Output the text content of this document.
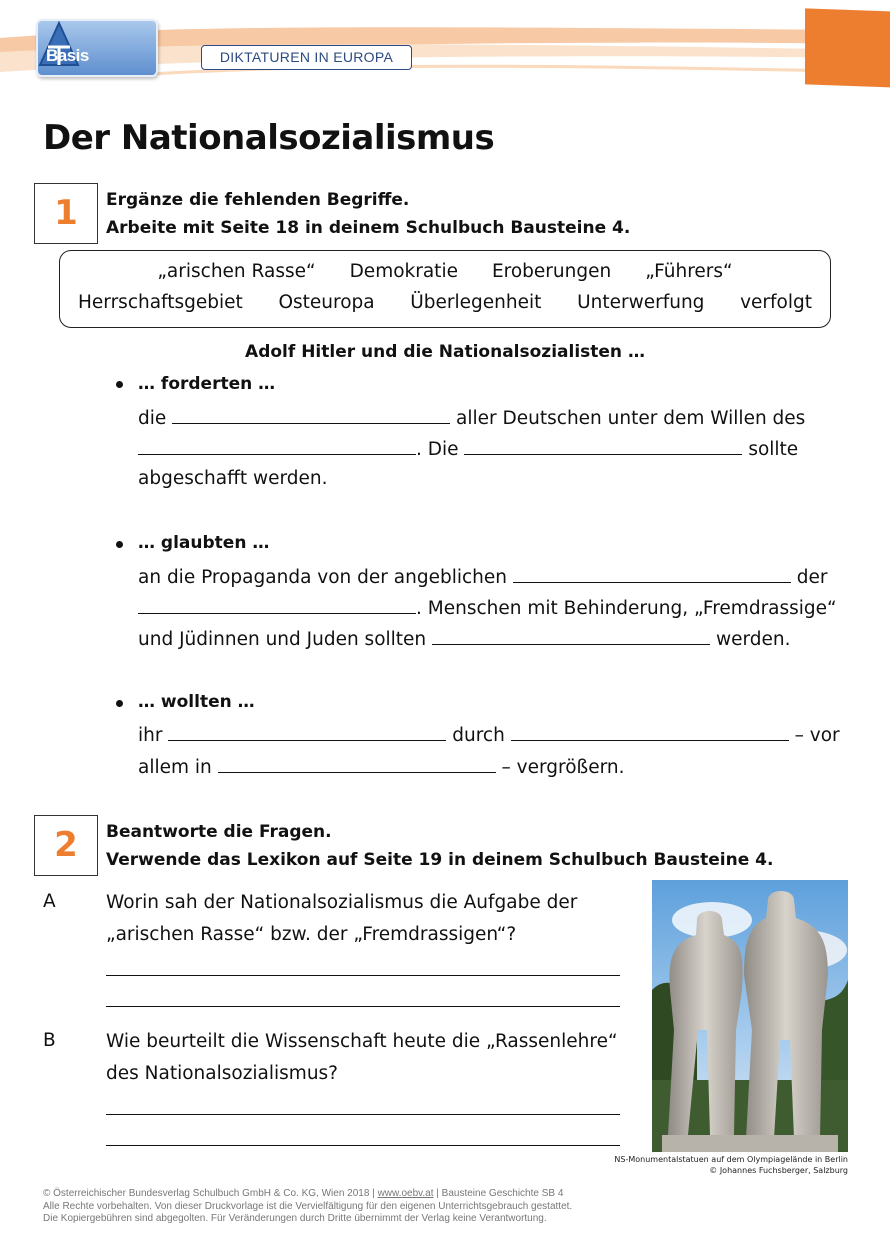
Basis	DIKTATUREN IN EUROPA
Der Nationalsozialismus
1	Ergänze die fehlenden Begriffe.
Arbeite mit Seite 18 in deinem Schulbuch Bausteine 4.
„arischen Rasse“ Demokratie Eroberungen „Führers“
Herrschaftsgebiet Osteuropa Überlegenheit Unterwerfung verfolgt
Adolf Hitler und die Nationalsozialisten …
… forderten …
die	aller Deutschen unter dem Willen des
. Die	sollte
abgeschafft werden.
… glaubten …
an die Propaganda von der angeblichen	der
. Menschen mit Behinderung, „Fremdrassige“
und Jüdinnen und Juden sollten	werden.
… wollten …
ihr	durch	– vor
allem in	– vergrößern.
2	Beantworte die Fragen.
Verwende das Lexikon auf Seite 19 in deinem Schulbuch Bausteine 4.
A	Worin sah der Nationalsozialismus die Aufgabe der
„arischen Rasse“ bzw. der „Fremdrassigen“?
B	Wie beurteilt die Wissenschaft heute die „Rassenlehre“
des Nationalsozialismus?
NS-Monumentalstatuen auf dem Olympiagelände in Berlin
© Johannes Fuchsberger, Salzburg
© Österreichischer Bundesverlag Schulbuch GmbH & Co. KG, Wien 2018 | www.oebv.at | Bausteine Geschichte SB 4
Alle Rechte vorbehalten. Von dieser Druckvorlage ist die Vervielfältigung für den eigenen Unterrichtsgebrauch gestattet.
Die Kopiergebühren sind abgegolten. Für Veränderungen durch Dritte übernimmt der Verlag keine Verantwortung.
